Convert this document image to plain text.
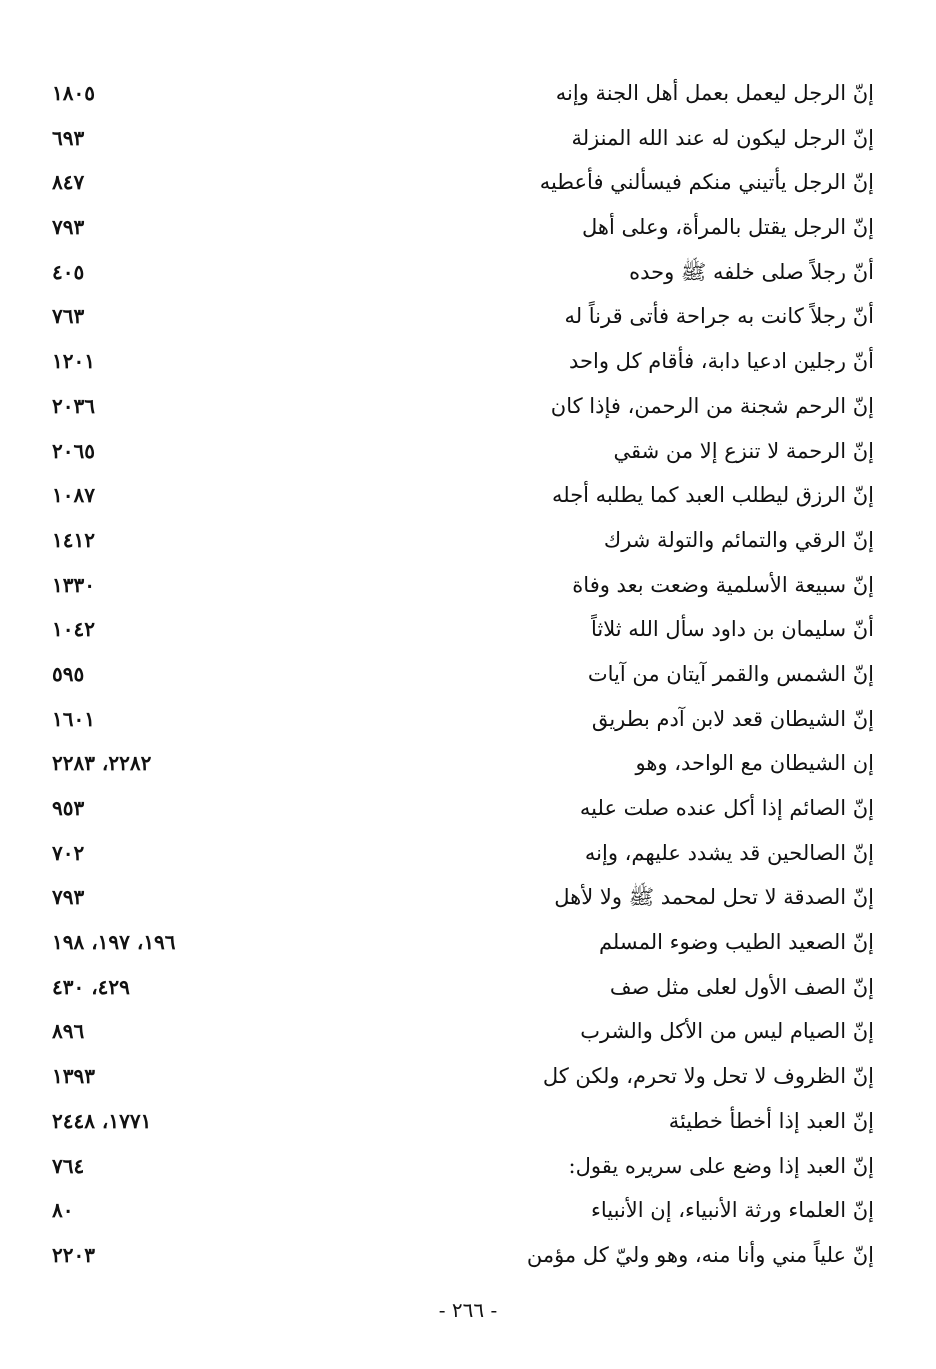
إنّ الرجل ليعمل بعمل أهل الجنة وإنه
١٨٠٥
إنّ الرجل ليكون له عند الله المنزلة
٦٩٣
إنّ الرجل يأتيني منكم فيسألني فأعطيه
٨٤٧
إنّ الرجل يقتل بالمرأة، وعلى أهل
٧٩٣
أنّ رجلاً صلى خلفه ﷺ وحده
٤٠٥
أنّ رجلاً كانت به جراحة فأتى قرناً له
٧٦٣
أنّ رجلين ادعيا دابة، فأقام كل واحد
١٢٠١
إنّ الرحم شجنة من الرحمن، فإذا كان
٢٠٣٦
إنّ الرحمة لا تنزع إلا من شقي
٢٠٦٥
إنّ الرزق ليطلب العبد كما يطلبه أجله
١٠٨٧
إنّ الرقي والتمائم والتولة شرك
١٤١٢
إنّ سبيعة الأسلمية وضعت بعد وفاة
١٣٣٠
أنّ سليمان بن داود سأل الله ثلاثاً
١٠٤٢
إنّ الشمس والقمر آيتان من آيات
٥٩٥
إنّ الشيطان قعد لابن آدم بطريق
١٦٠١
إن الشيطان مع الواحد، وهو
٢٢٨٢، ٢٢٨٣
إنّ الصائم إذا أكل عنده صلت عليه
٩٥٣
إنّ الصالحين قد يشدد عليهم، وإنه
٧٠٢
إنّ الصدقة لا تحل لمحمد ﷺ ولا لأهل
٧٩٣
إنّ الصعيد الطيب وضوء المسلم
١٩٦، ١٩٧، ١٩٨
إنّ الصف الأول لعلى مثل صف
٤٢٩، ٤٣٠
إنّ الصيام ليس من الأكل والشرب
٨٩٦
إنّ الظروف لا تحل ولا تحرم، ولكن كل
١٣٩٣
إنّ العبد إذا أخطأ خطيئة
١٧٧١، ٢٤٤٨
إنّ العبد إذا وضع على سريره يقول:
٧٦٤
إنّ العلماء ورثة الأنبياء، إن الأنبياء
٨٠
إنّ علياً مني وأنا منه، وهو وليّ كل مؤمن
٢٢٠٣
- ٢٦٦ -
